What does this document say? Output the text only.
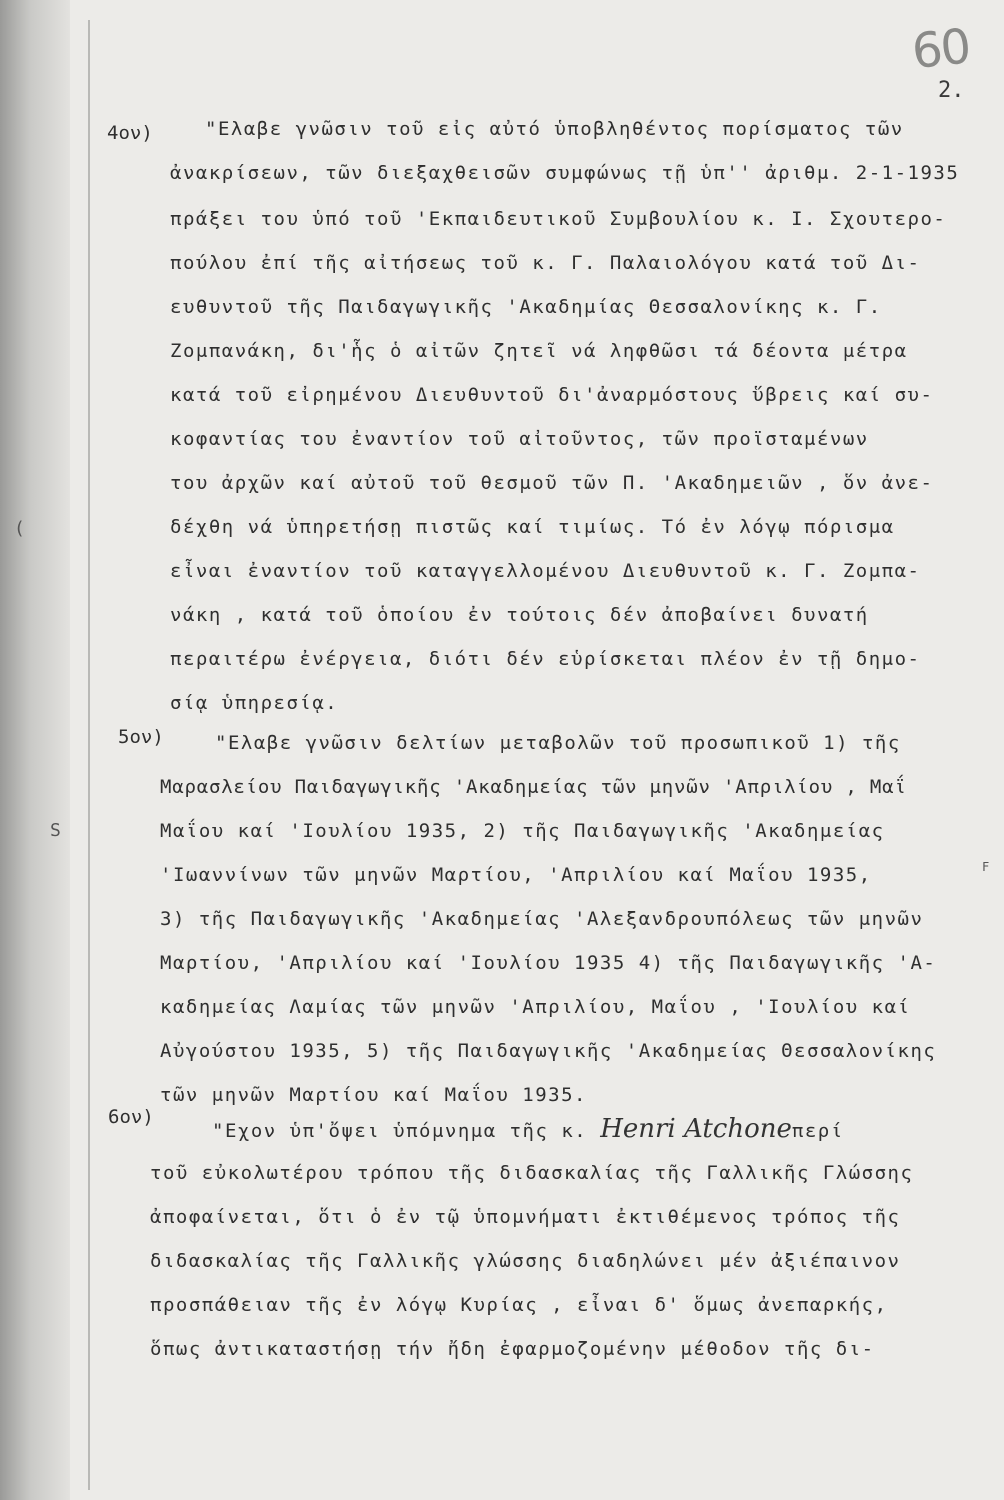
60
2.
(
S
F
4ον)	"Ελαβε γνῶσιν τοῦ εἰς αὐτό ὑποβληθέντος πορίσματος τῶν
ἀνακρίσεων, τῶν διεξαχθεισῶν συμφώνως τῇ ὑπ'' ἀριθμ. 2-1-1935
πράξει του ὑπό τοῦ 'Εκπαιδευτικοῦ Συμβουλίου κ. Ι. Σχουτερο-
πούλου ἐπί τῆς αἰτήσεως τοῦ κ. Γ. Παλαιολόγου κατά τοῦ Δι-
ευθυντοῦ τῆς Παιδαγωγικῆς 'Ακαδημίας Θεσσαλονίκης κ. Γ.
Ζομπανάκη, δι'ἧς ὁ αἰτῶν ζητεῖ νά ληφθῶσι τά δέοντα μέτρα
κατά τοῦ εἰρημένου Διευθυντοῦ δι'ἀναρμόστους ὕβρεις καί συ-
κοφαντίας του ἐναντίον τοῦ αἰτοῦντος, τῶν προϊσταμένων
του ἀρχῶν καί αὐτοῦ τοῦ θεσμοῦ τῶν Π. 'Ακαδημειῶν , ὅν ἀνε-
δέχθη νά ὑπηρετήσῃ πιστῶς καί τιμίως. Τό ἐν λόγῳ πόρισμα
εἶναι ἐναντίον τοῦ καταγγελλομένου Διευθυντοῦ κ. Γ. Ζομπα-
νάκη , κατά τοῦ ὁποίου ἐν τούτοις δέν ἀποβαίνει δυνατή
περαιτέρω ἐνέργεια, διότι δέν εὑρίσκεται πλέον ἐν τῇ δημο-
σίᾳ ὑπηρεσίᾳ.
5ον)	"Ελαβε γνῶσιν δελτίων μεταβολῶν τοῦ προσωπικοῦ 1) τῆς
Μαρασλείου Παιδαγωγικῆς 'Ακαδημείας τῶν μηνῶν 'Απριλίου , Μαΐ
Μαΐου καί 'Ιουλίου 1935, 2) τῆς Παιδαγωγικῆς 'Ακαδημείας
'Ιωαννίνων τῶν μηνῶν Μαρτίου, 'Απριλίου καί Μαΐου 1935,
3) τῆς Παιδαγωγικῆς 'Ακαδημείας 'Αλεξανδρουπόλεως τῶν μηνῶν
Μαρτίου, 'Απριλίου καί 'Ιουλίου 1935 4) τῆς Παιδαγωγικῆς 'Α-
καδημείας Λαμίας τῶν μηνῶν 'Απριλίου, Μαΐου , 'Ιουλίου καί
Αὐγούστου 1935, 5) τῆς Παιδαγωγικῆς 'Ακαδημείας Θεσσαλονίκης
τῶν μηνῶν Μαρτίου καί Μαΐου 1935.
6ον)
"Εχον ὑπ'ὄψει ὑπόμνημα τῆς κ. Henri Atchoneπερί
τοῦ εὐκολωτέρου τρόπου τῆς διδασκαλίας τῆς Γαλλικῆς Γλώσσης
ἀποφαίνεται, ὅτι ὁ ἐν τῷ ὑπομνήματι ἐκτιθέμενος τρόπος τῆς
διδασκαλίας τῆς Γαλλικῆς γλώσσης διαδηλώνει μέν ἀξιέπαινον
προσπάθειαν τῆς ἐν λόγῳ Κυρίας , εἶναι δ' ὅμως ἀνεπαρκής,
ὅπως ἀντικαταστήσῃ τήν ἤδη ἐφαρμοζομένην μέθοδον τῆς δι-
